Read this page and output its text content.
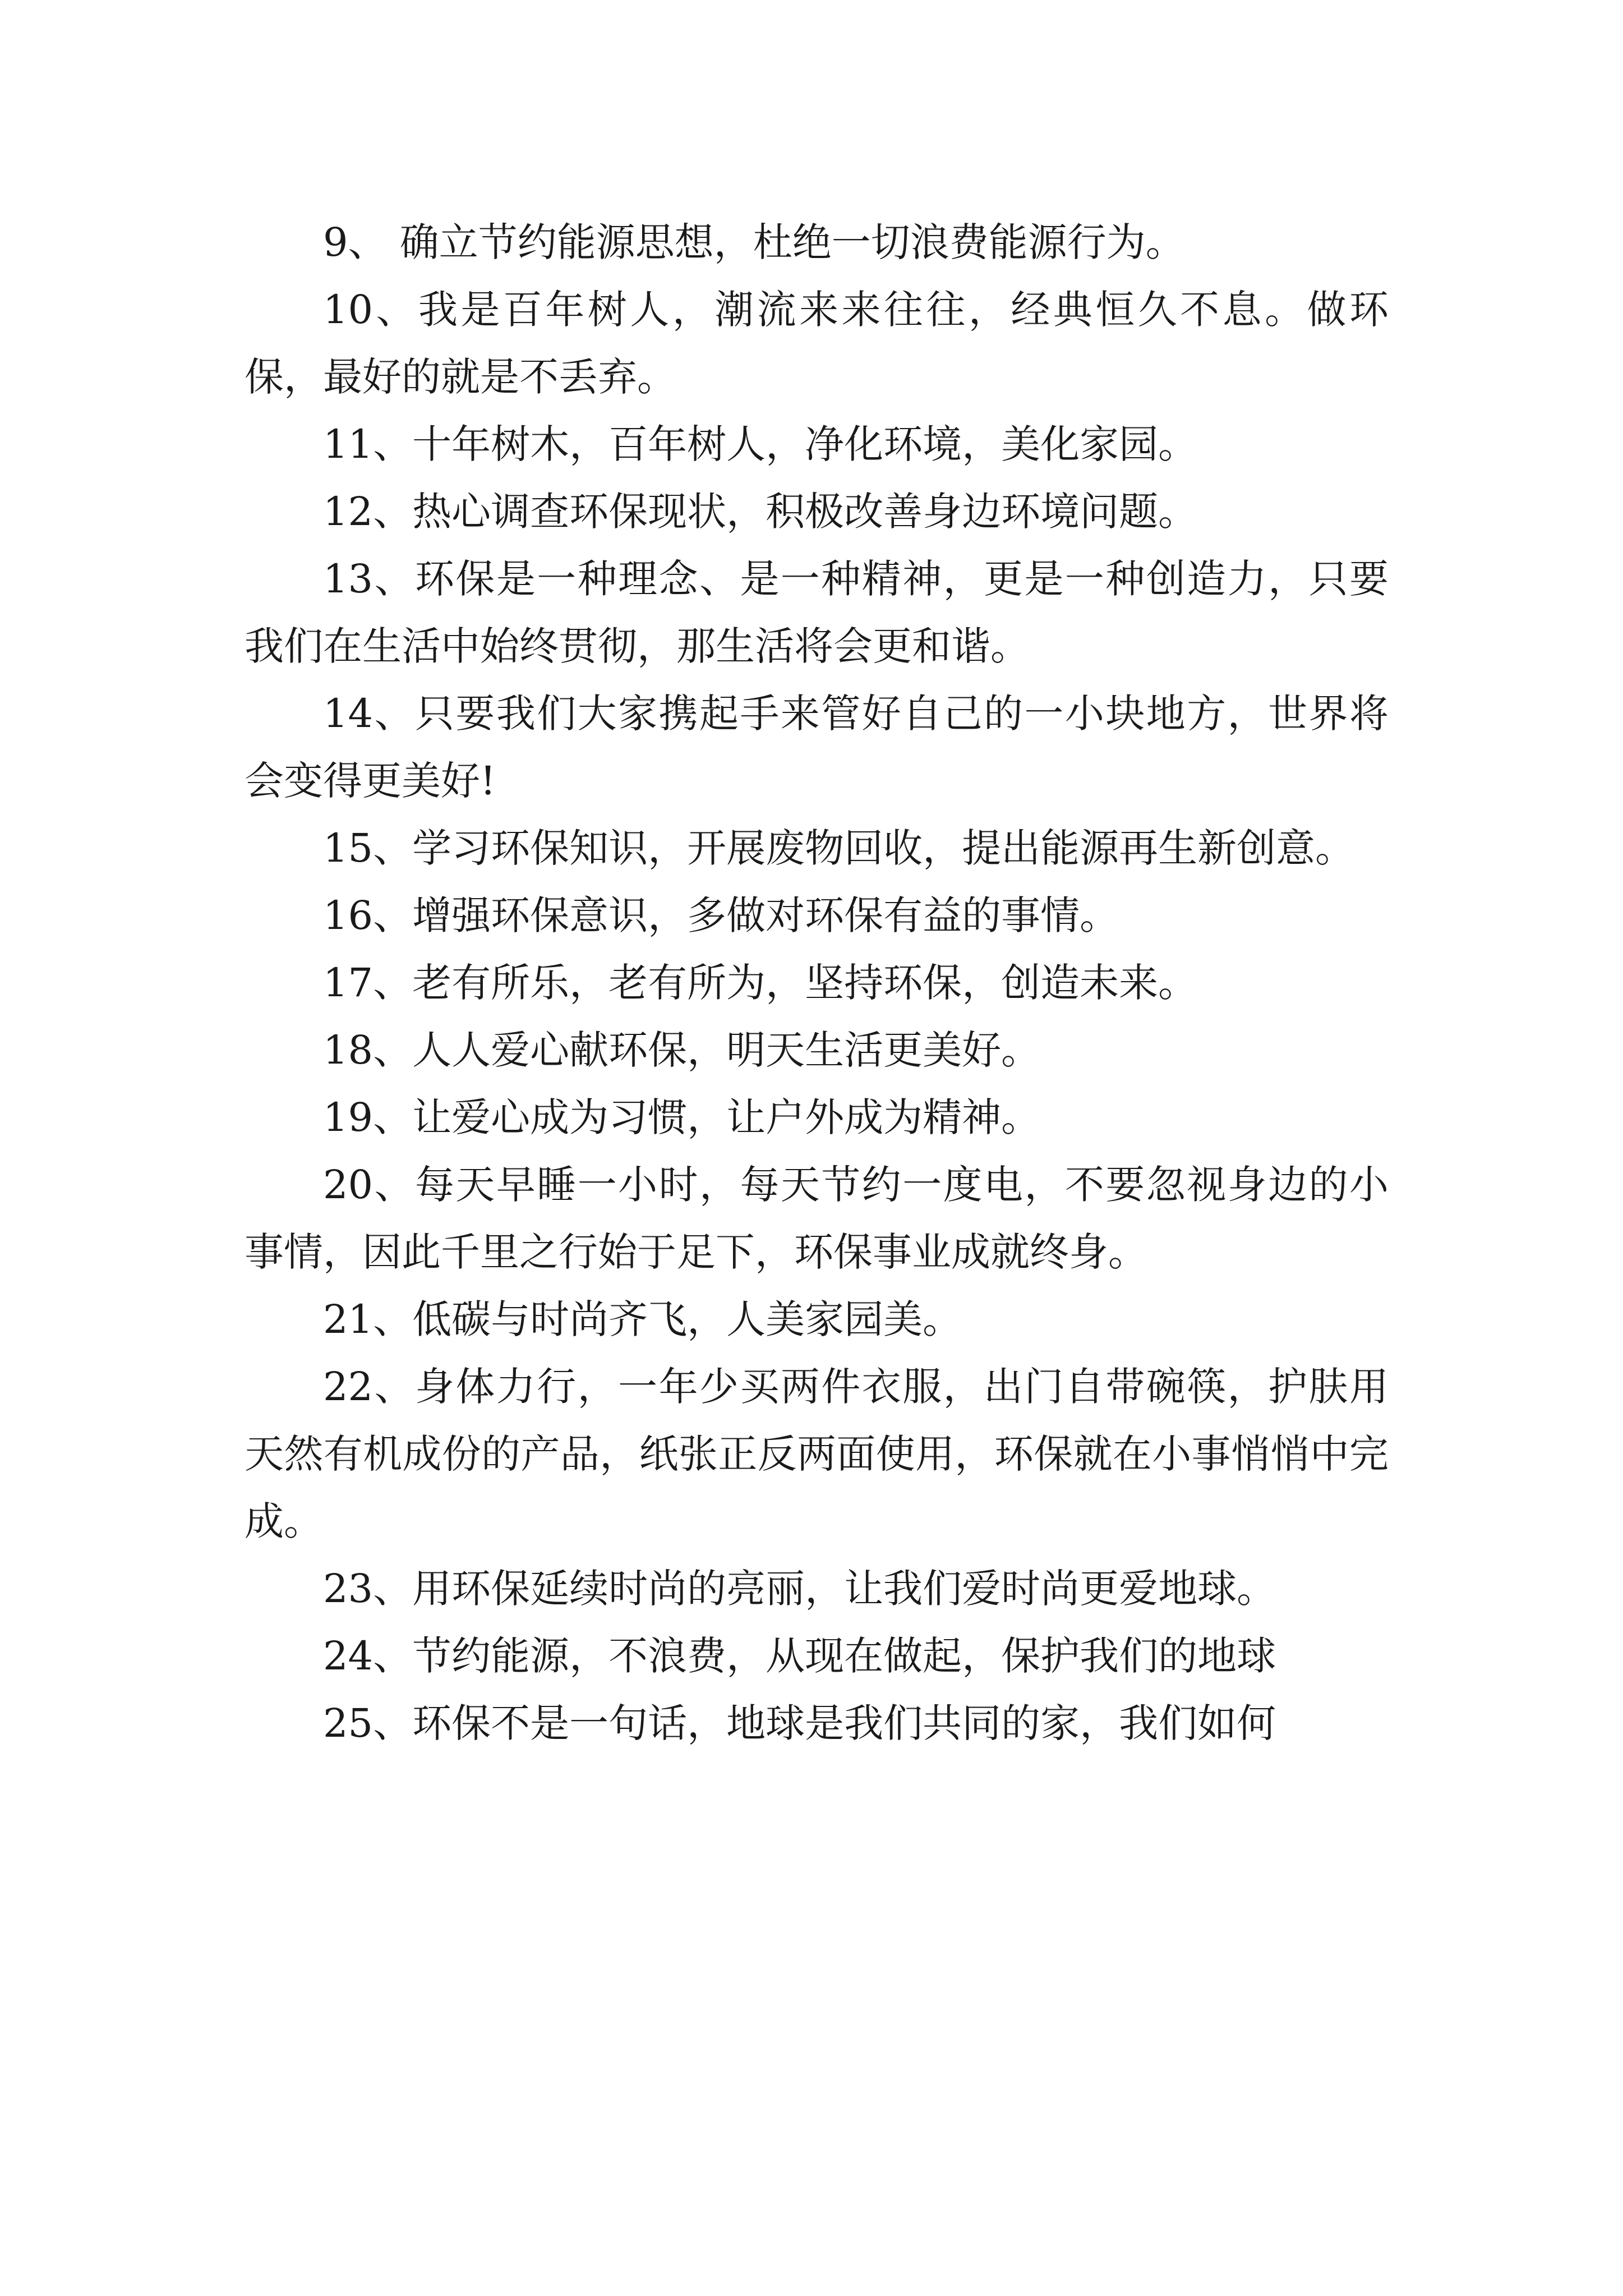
9、 确立节约能源思想，杜绝一切浪费能源行为。

10、我是百年树人，潮流来来往往，经典恒久不息。做环保，最好的就是不丢弃。

11、十年树木，百年树人，净化环境，美化家园。

12、热心调查环保现状，积极改善身边环境问题。

13、环保是一种理念、是一种精神，更是一种创造力，只要我们在生活中始终贯彻，那生活将会更和谐。

14、只要我们大家携起手来管好自己的一小块地方，世界将会变得更美好!

15、学习环保知识，开展废物回收，提出能源再生新创意。

16、增强环保意识，多做对环保有益的事情。

17、老有所乐，老有所为，坚持环保，创造未来。

18、人人爱心献环保，明天生活更美好。

19、让爱心成为习惯，让户外成为精神。

20、每天早睡一小时，每天节约一度电，不要忽视身边的小事情，因此千里之行始于足下，环保事业成就终身。

21、低碳与时尚齐飞，人美家园美。

22、身体力行，一年少买两件衣服，出门自带碗筷，护肤用天然有机成份的产品，纸张正反两面使用，环保就在小事悄悄中完成。

23、用环保延续时尚的亮丽，让我们爱时尚更爱地球。

24、节约能源，不浪费，从现在做起，保护我们的地球

25、环保不是一句话，地球是我们共同的家，我们如何
